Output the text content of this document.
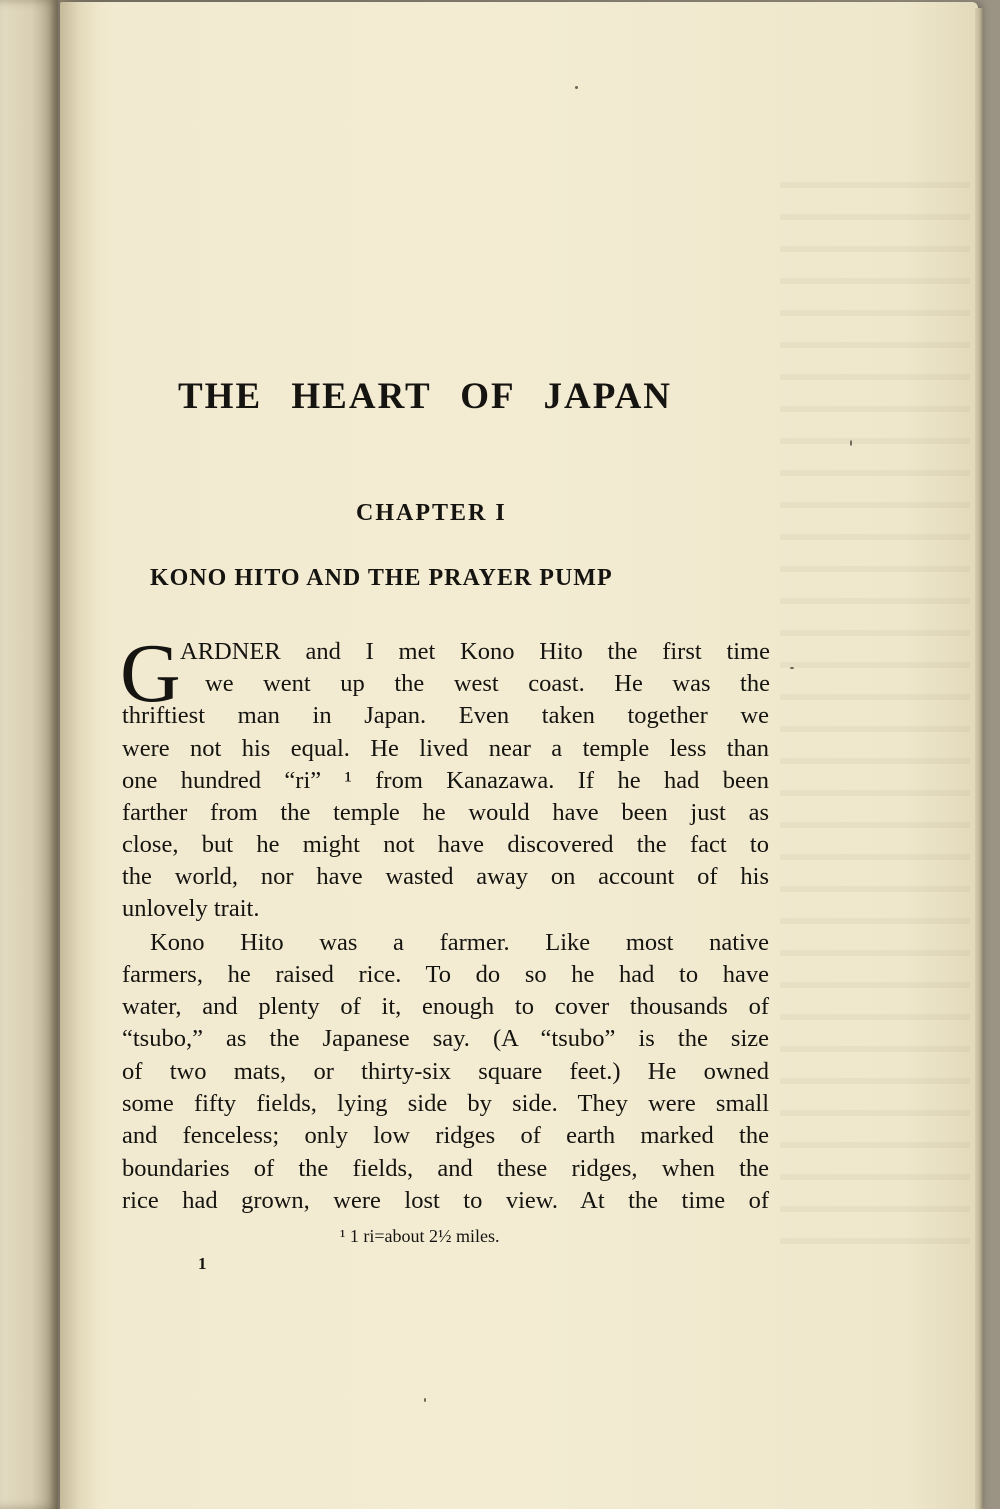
THE HEART OF JAPAN
CHAPTER I
KONO HITO AND THE PRAYER PUMP
G ARDNER and I met Kono Hito the first time
we went up the west coast. He was the
thriftiest man in Japan. Even taken together we
were not his equal. He lived near a temple less than
one hundred “ri” ¹ from Kanazawa. If he had been
farther from the temple he would have been just as
close, but he might not have discovered the fact to
the world, nor have wasted away on account of his
unlovely trait.
Kono Hito was a farmer. Like most native
farmers, he raised rice. To do so he had to have
water, and plenty of it, enough to cover thousands of
“tsubo,” as the Japanese say. (A “tsubo” is the size
of two mats, or thirty-six square feet.) He owned
some fifty fields, lying side by side. They were small
and fenceless; only low ridges of earth marked the
boundaries of the fields, and these ridges, when the
rice had grown, were lost to view. At the time of
¹ 1 ri=about 2½ miles.
1
